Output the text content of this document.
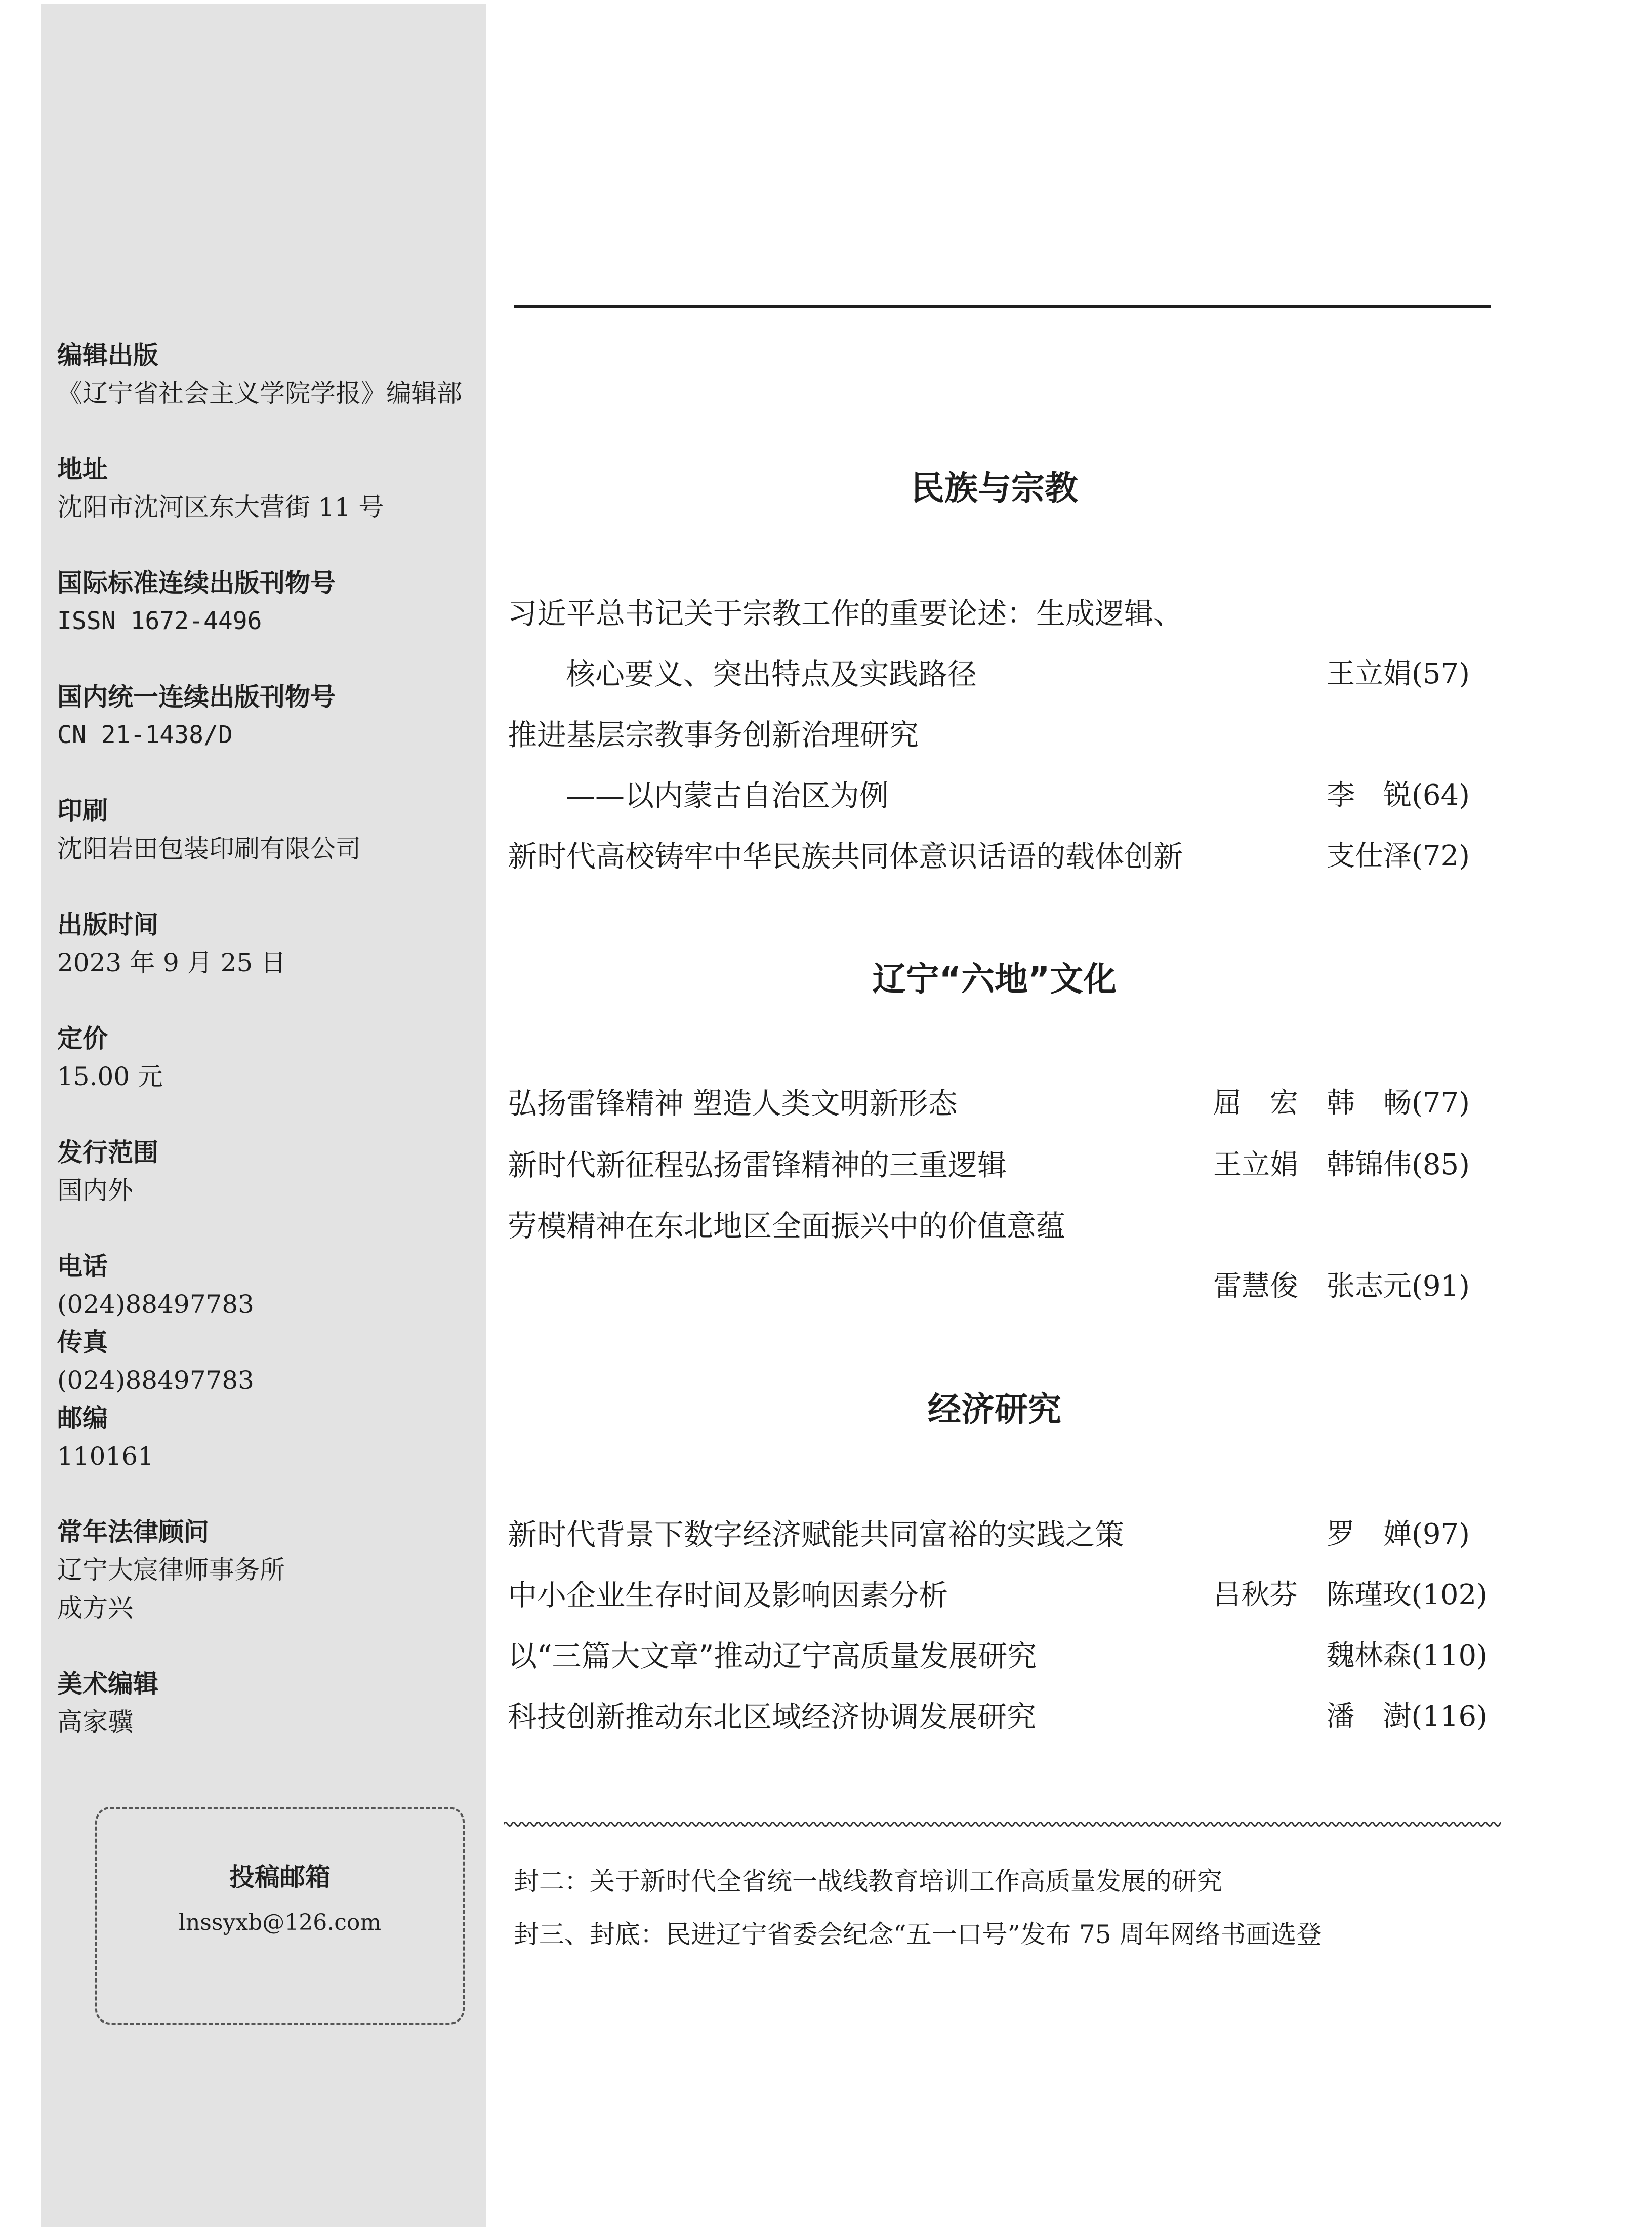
编辑出版
《辽宁省社会主义学院学报》编辑部
地址
沈阳市沈河区东大营街 11 号
国际标准连续出版刊物号
ISSN 1672-4496
国内统一连续出版刊物号
CN 21-1438/D
印刷
沈阳岩田包装印刷有限公司
出版时间
2023 年 9 月 25 日
定价
15.00 元
发行范围
国内外
电话
(024)88497783
传真
(024)88497783
邮编
110161
常年法律顾问
辽宁大宸律师事务所
成方兴
美术编辑
高家骥
投稿邮箱
lnssyxb@126.com
民族与宗教
习近平总书记关于宗教工作的重要论述：生成逻辑、
核心要义、突出特点及实践路径	王立娟(57)
推进基层宗教事务创新治理研究
——以内蒙古自治区为例	李　锐(64)
新时代高校铸牢中华民族共同体意识话语的载体创新	支仕泽(72)
辽宁“六地”文化
弘扬雷锋精神 塑造人类文明新形态	屈　宏　韩　畅(77)
新时代新征程弘扬雷锋精神的三重逻辑	王立娟　韩锦伟(85)
劳模精神在东北地区全面振兴中的价值意蕴
雷慧俊　张志元(91)
经济研究
新时代背景下数字经济赋能共同富裕的实践之策	罗　婵(97)
中小企业生存时间及影响因素分析	吕秋芬　陈瑾玫(102)
以“三篇大文章”推动辽宁高质量发展研究	魏林森(110)
科技创新推动东北区域经济协调发展研究	潘　澍(116)
封二：关于新时代全省统一战线教育培训工作高质量发展的研究
封三、封底：民进辽宁省委会纪念“五一口号”发布 75 周年网络书画选登
